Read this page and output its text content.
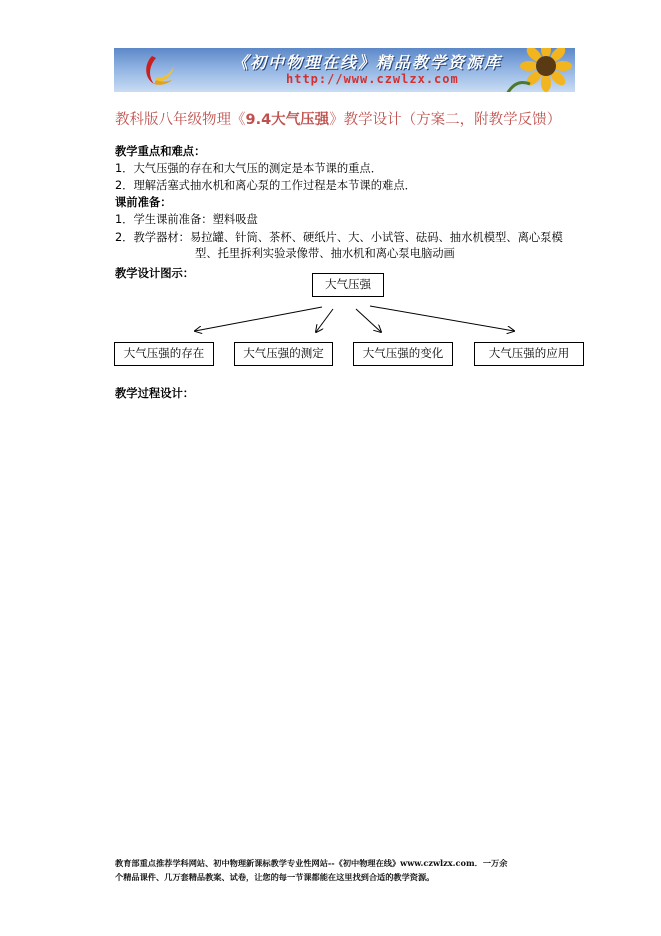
《初中物理在线》精品教学资源库
http://www.czwlzx.com
教科版八年级物理《9.4大气压强》教学设计（方案二，附教学反馈）
教学重点和难点：
1．大气压强的存在和大气压的测定是本节课的重点．
2．理解活塞式抽水机和离心泵的工作过程是本节课的难点．
课前准备：
1．学生课前准备：塑料吸盘
2．教学器材：易拉罐、针筒、茶杯、硬纸片、大、小试管、砝码、抽水机模型、离心泵模
型、托里拆利实验录像带、抽水机和离心泵电脑动画
教学设计图示：
大气压强
大气压强的存在	大气压强的测定	大气压强的变化	大气压强的应用
教学过程设计：
教育部重点推荐学科网站、初中物理新课标教学专业性网站--《初中物理在线》www.czwlzx.com．一万余
个精品课件、几万套精品教案、试卷，让您的每一节课都能在这里找到合适的教学资源。
